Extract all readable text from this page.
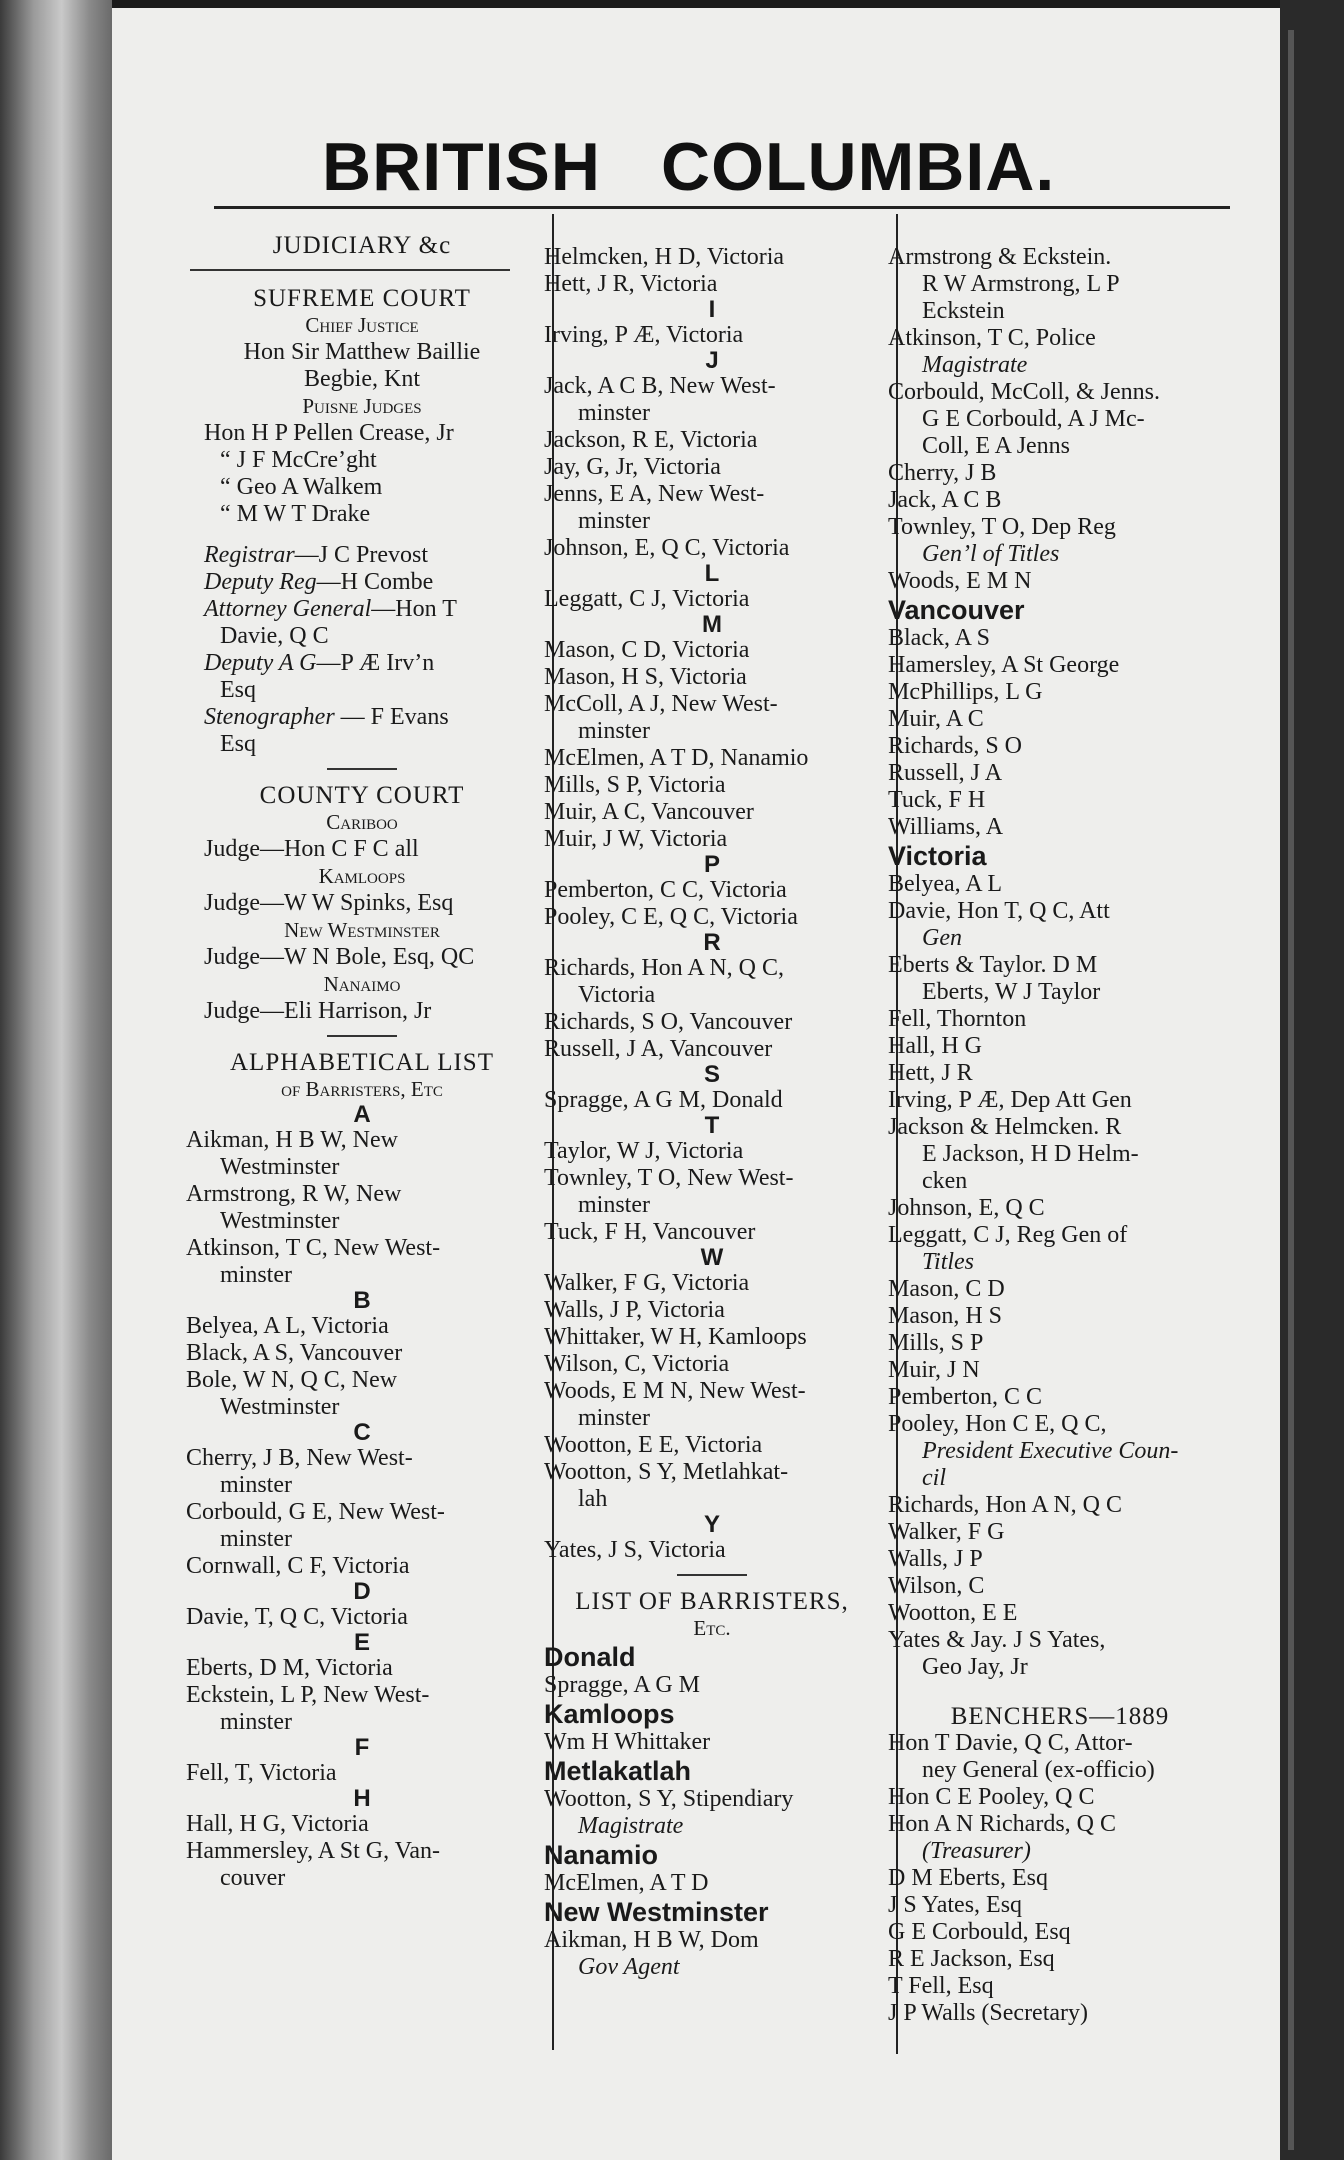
BRITISH COLUMBIA.
JUDICIARY &c
SUFREME COURT
Chief Justice
Hon Sir Matthew Baillie
Begbie, Knt
Puisne Judges
Hon H P Pellen Crease, Jr
“ J F McCre’ght
“ Geo A Walkem
“ M W T Drake
Registrar—J C Prevost
Deputy Reg—H Combe
Attorney General—Hon T
Davie, Q C
Deputy A G—P Æ Irv’n
Esq
Stenographer — F Evans
Esq
COUNTY COURT
Cariboo
Judge—Hon C F C all
Kamloops
Judge—W W Spinks, Esq
New Westminster
Judge—W N Bole, Esq, QC
Nanaimo
Judge—Eli Harrison, Jr
ALPHABETICAL LIST
of Barristers, Etc
A
Aikman, H B W, New
Westminster
Armstrong, R W, New
Westminster
Atkinson, T C, New West-
minster
B
Belyea, A L, Victoria
Black, A S, Vancouver
Bole, W N, Q C, New
Westminster
C
Cherry, J B, New West-
minster
Corbould, G E, New West-
minster
Cornwall, C F, Victoria
D
Davie, T, Q C, Victoria
E
Eberts, D M, Victoria
Eckstein, L P, New West-
minster
F
Fell, T, Victoria
H
Hall, H G, Victoria
Hammersley, A St G, Van-
couver
Helmcken, H D, Victoria
Hett, J R, Victoria
I
Irving, P Æ, Victoria
J
Jack, A C B, New West-
minster
Jackson, R E, Victoria
Jay, G, Jr, Victoria
Jenns, E A, New West-
minster
Johnson, E, Q C, Victoria
L
Leggatt, C J, Victoria
M
Mason, C D, Victoria
Mason, H S, Victoria
McColl, A J, New West-
minster
McElmen, A T D, Nanamio
Mills, S P, Victoria
Muir, A C, Vancouver
Muir, J W, Victoria
P
Pemberton, C C, Victoria
Pooley, C E, Q C, Victoria
R
Richards, Hon A N, Q C,
Victoria
Richards, S O, Vancouver
Russell, J A, Vancouver
S
Spragge, A G M, Donald
T
Taylor, W J, Victoria
Townley, T O, New West-
minster
Tuck, F H, Vancouver
W
Walker, F G, Victoria
Walls, J P, Victoria
Whittaker, W H, Kamloops
Wilson, C, Victoria
Woods, E M N, New West-
minster
Wootton, E E, Victoria
Wootton, S Y, Metlahkat-
lah
Y
Yates, J S, Victoria
LIST OF BARRISTERS,
Etc.
Donald
Spragge, A G M
Kamloops
Wm H Whittaker
Metlakatlah
Wootton, S Y, Stipendiary
Magistrate
Nanamio
McElmen, A T D
New Westminster
Aikman, H B W, Dom
Gov Agent
Armstrong & Eckstein.
R W Armstrong, L P
Eckstein
Atkinson, T C, Police
Magistrate
Corbould, McColl, & Jenns.
G E Corbould, A J Mc-
Coll, E A Jenns
Cherry, J B
Jack, A C B
Townley, T O, Dep Reg
Gen’l of Titles
Woods, E M N
Vancouver
Black, A S
Hamersley, A St George
McPhillips, L G
Muir, A C
Richards, S O
Russell, J A
Tuck, F H
Williams, A
Victoria
Belyea, A L
Davie, Hon T, Q C, Att
Gen
Eberts & Taylor. D M
Eberts, W J Taylor
Fell, Thornton
Hall, H G
Hett, J R
Irving, P Æ, Dep Att Gen
Jackson & Helmcken. R
E Jackson, H D Helm-
cken
Johnson, E, Q C
Leggatt, C J, Reg Gen of
Titles
Mason, C D
Mason, H S
Mills, S P
Muir, J N
Pemberton, C C
Pooley, Hon C E, Q C,
President Executive Coun-
cil
Richards, Hon A N, Q C
Walker, F G
Walls, J P
Wilson, C
Wootton, E E
Yates & Jay. J S Yates,
Geo Jay, Jr
BENCHERS—1889
Hon T Davie, Q C, Attor-
ney General (ex-officio)
Hon C E Pooley, Q C
Hon A N Richards, Q C
(Treasurer)
D M Eberts, Esq
J S Yates, Esq
G E Corbould, Esq
R E Jackson, Esq
T Fell, Esq
J P Walls (Secretary)
